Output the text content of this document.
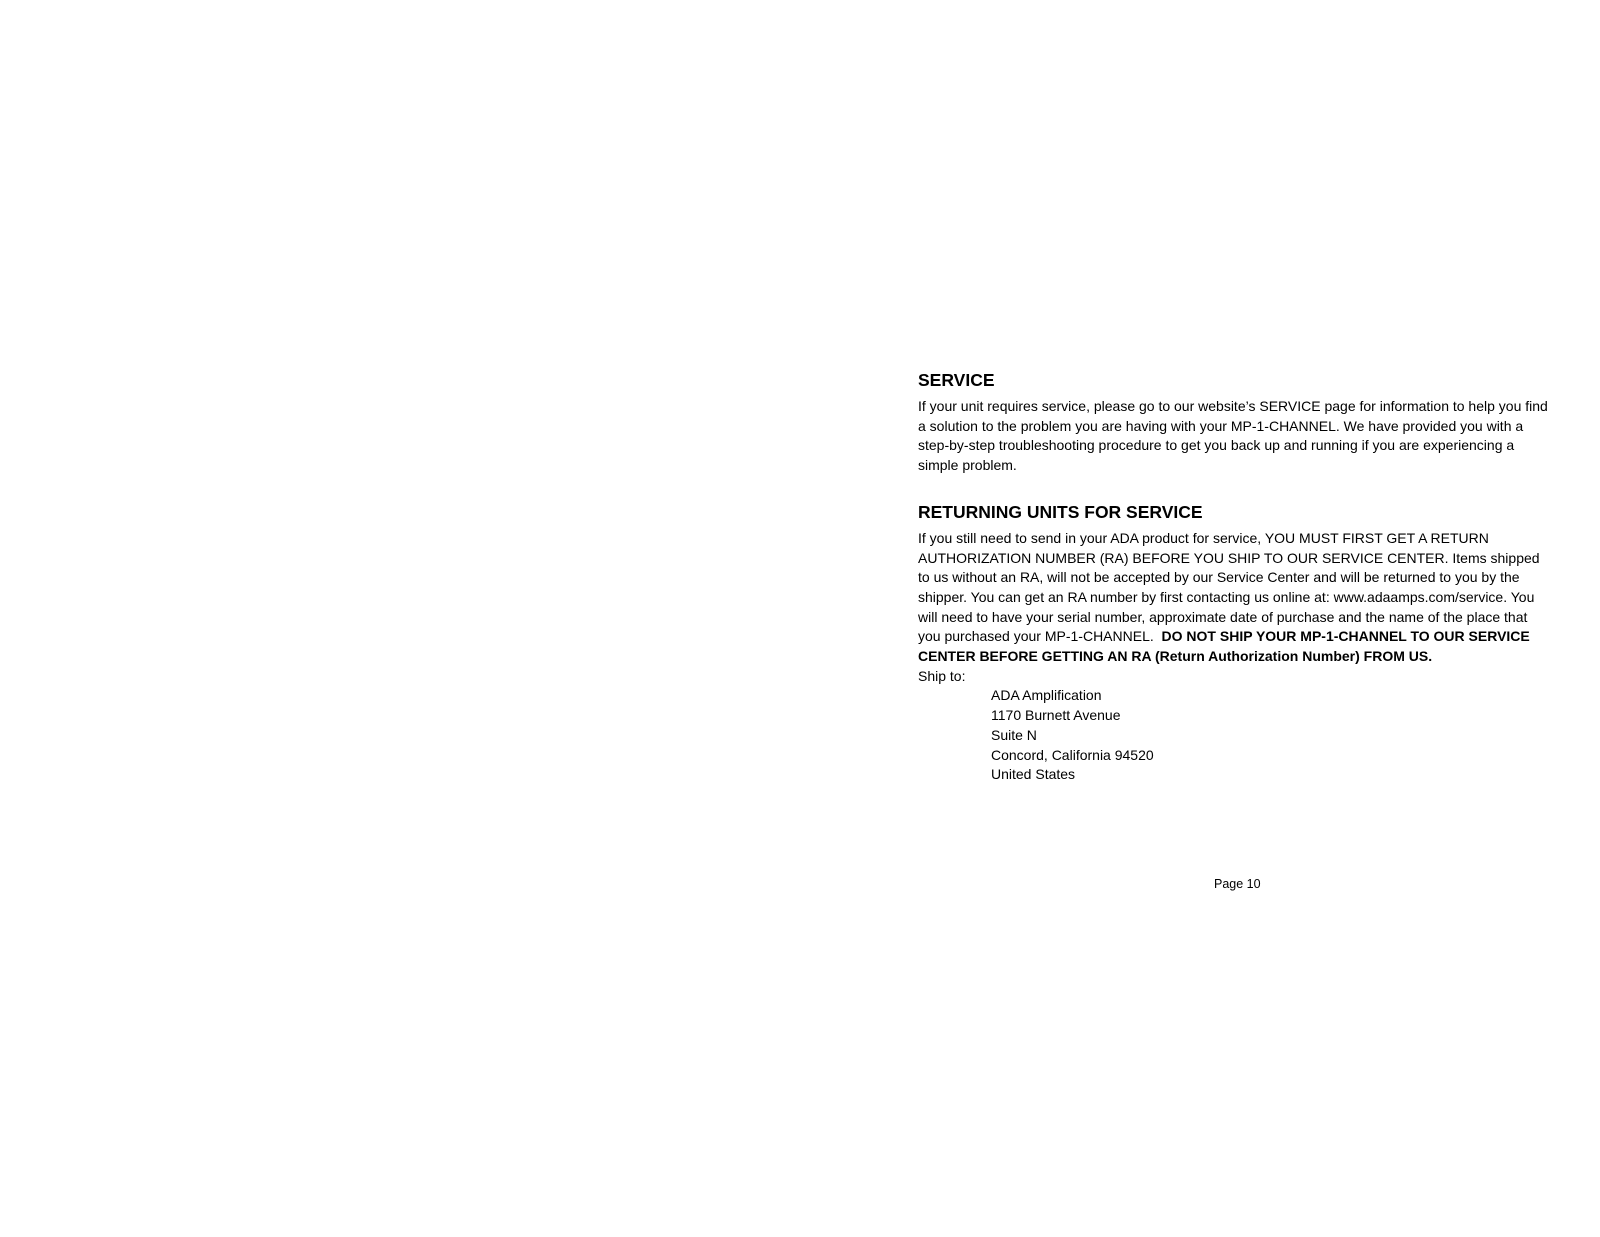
SERVICE

If your unit requires service, please go to our website’s SERVICE page for information to help you find a solution to the problem you are having with your MP-1-CHANNEL. We have provided you with a step-by-step troubleshooting procedure to get you back up and running if you are experiencing a simple problem.

RETURNING UNITS FOR SERVICE

If you still need to send in your ADA product for service, YOU MUST FIRST GET A RETURN AUTHORIZATION NUMBER (RA) BEFORE YOU SHIP TO OUR SERVICE CENTER. Items shipped to us without an RA, will not be accepted by our Service Center and will be returned to you by the shipper. You can get an RA number by first contacting us online at: www.adaamps.com/service. You will need to have your serial number, approximate date of purchase and the name of the place that you purchased your MP-1-CHANNEL. DO NOT SHIP YOUR MP-1-CHANNEL TO OUR SERVICE CENTER BEFORE GETTING AN RA (Return Authorization Number) FROM US.

Ship to:

ADA Amplification
1170 Burnett Avenue
Suite N
Concord, California 94520
United States
Page 10
